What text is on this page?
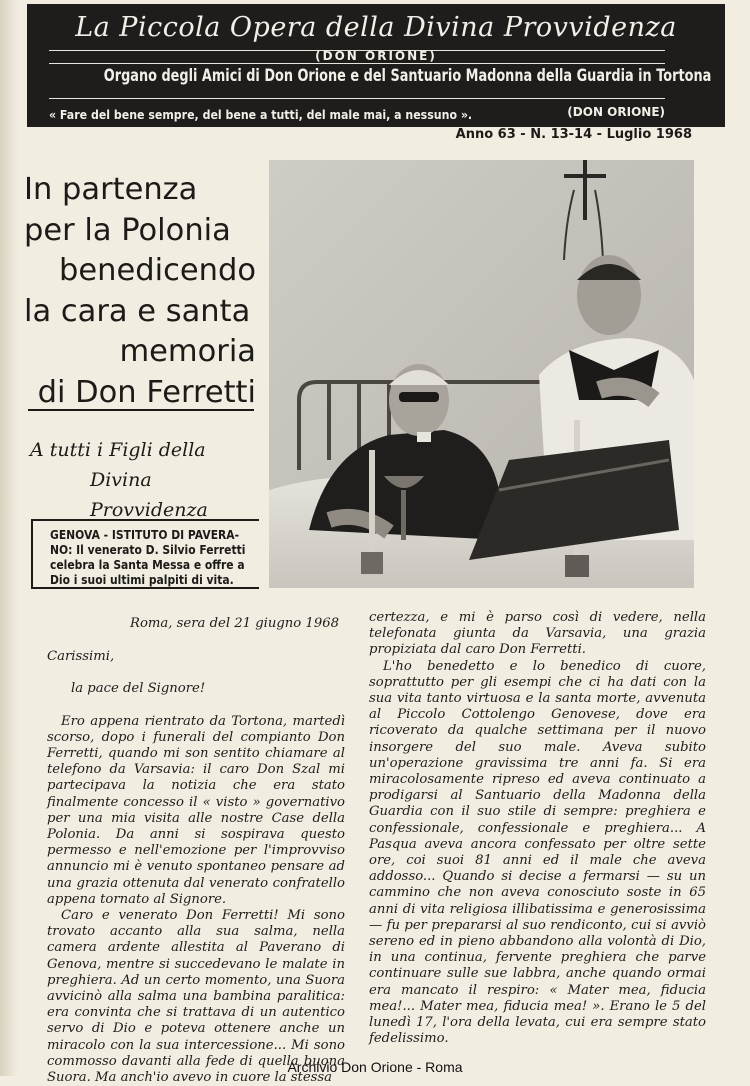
La Piccola Opera della Divina Provvidenza
(DON ORIONE)
Organo degli Amici di Don Orione e del Santuario Madonna della Guardia in Tortona
« Fare del bene sempre, del bene a tutti, del male mai, a nessuno ».	(DON ORIONE)
Anno 63 - N. 13-14 - Luglio 1968
In partenza
per la Polonia
benedicendo
la cara e santa
memoria
di Don Ferretti
A tutti i Figli della
Divina Provvidenza
GENOVA - ISTITUTO DI PAVERA-
NO: Il venerato D. Silvio Ferretti
celebra la Santa Messa e offre a
Dio i suoi ultimi palpiti di vita.

Roma, sera del 21 giugno 1968

Carissimi,

la pace del Signore!

Ero appena rientrato da Tortona, martedì scorso, dopo i funerali del compianto Don Ferretti, quando mi son sentito chiamare al telefono da Varsavia: il caro Don Szal mi partecipava la notizia che era stato finalmente concesso il « visto » governativo per una mia visita alle nostre Case della Polonia. Da anni si sospirava questo permesso e nell'emozione per l'improvviso annuncio mi è venuto spontaneo pensare ad una grazia ottenuta dal venerato confratello appena tornato al Signore.

Caro e venerato Don Ferretti! Mi sono trovato accanto alla sua salma, nella camera ardente allestita al Paverano di Genova, mentre si succedevano le malate in preghiera. Ad un certo momento, una Suora avvicinò alla salma una bambina paralitica: era convinta che si trattava di un autentico servo di Dio e poteva ottenere anche un miracolo con la sua intercessione... Mi sono commosso davanti alla fede di quella buona Suora. Ma anch'io avevo in cuore la stessa

certezza, e mi è parso così di vedere, nella telefonata giunta da Varsavia, una grazia propiziata dal caro Don Ferretti.

L'ho benedetto e lo benedico di cuore, soprattutto per gli esempi che ci ha dati con la sua vita tanto virtuosa e la santa morte, avvenuta al Piccolo Cottolengo Genovese, dove era ricoverato da qualche settimana per il nuovo insorgere del suo male. Aveva subito un'operazione gravissima tre anni fa. Si era miracolosamente ripreso ed aveva continuato a prodigarsi al Santuario della Madonna della Guardia con il suo stile di sempre: preghiera e confessionale, confessionale e preghiera... A Pasqua aveva ancora confessato per oltre sette ore, coi suoi 81 anni ed il male che aveva addosso... Quando si decise a fermarsi — su un cammino che non aveva conosciuto soste in 65 anni di vita religiosa illibatissima e generosissima — fu per prepararsi al suo rendiconto, cui si avviò sereno ed in pieno abbandono alla volontà di Dio, in una continua, fervente preghiera che parve continuare sulle sue labbra, anche quando ormai era mancato il respiro: « Mater mea, fiducia mea!... Mater mea, fiducia mea! ». Erano le 5 del lunedì 17, l'ora della levata, cui era sempre stato fedelissimo.

Archivio Don Orione - Roma
